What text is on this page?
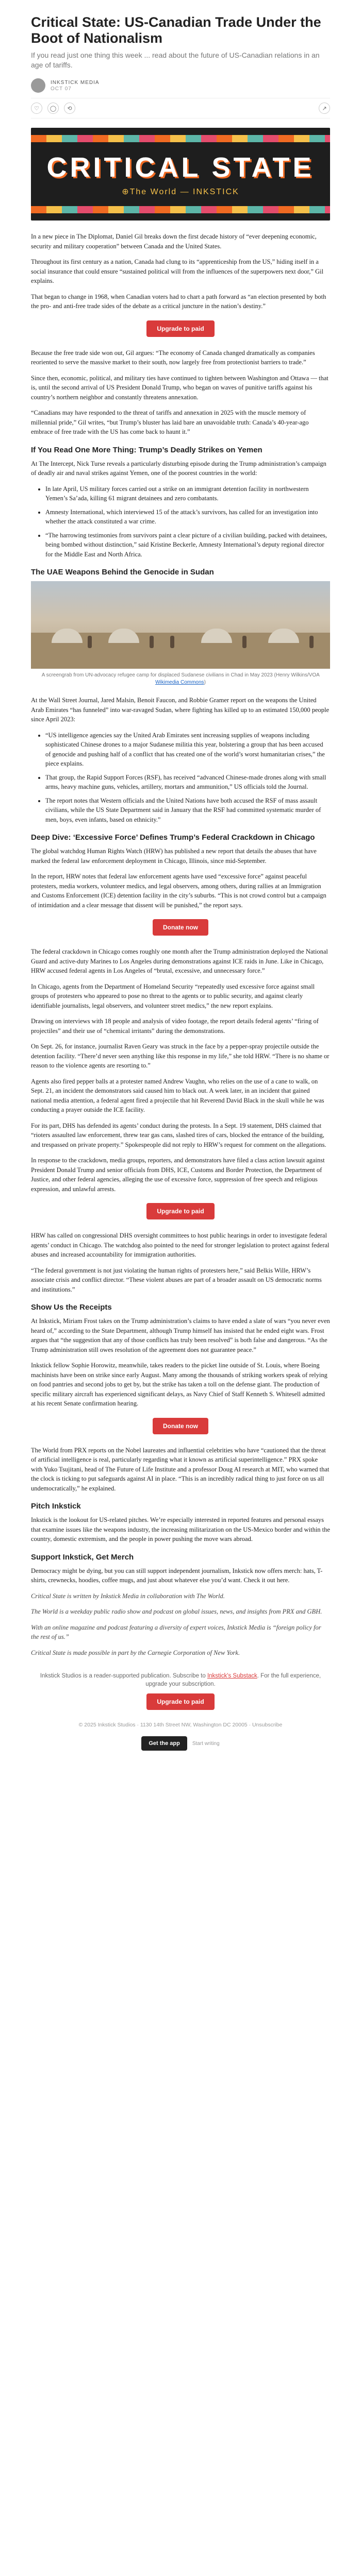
Critical State: US-Canadian Trade Under the Boot of Nationalism
If you read just one thing this week ... read about the future of US-Canadian relations in an age of tariffs.
INKSTICK MEDIA
OCT 07
♡	◯	⟲	↗
CRITICAL STATE
⊕The World — INKSTICK

In a new piece in The Diplomat, Daniel Gil breaks down the first decade history of “ever deepening economic, security and military cooperation” between Canada and the United States.

Throughout its first century as a nation, Canada had clung to its “apprenticeship from the US,” hiding itself in a social insurance that could ensure “sustained political will from the influences of the superpowers next door,” Gil explains.

That began to change in 1968, when Canadian voters had to chart a path forward as “an election presented by both the pro- and anti-free trade sides of the debate as a critical juncture in the nation’s destiny.”

Upgrade to paid

Because the free trade side won out, Gil argues: “The economy of Canada changed dramatically as companies reoriented to serve the massive market to their south, now largely free from protectionist barriers to trade.”

Since then, economic, political, and military ties have continued to tighten between Washington and Ottawa — that is, until the second arrival of US President Donald Trump, who began on waves of punitive tariffs against his country’s northern neighbor and constantly threatens annexation.

“Canadians may have responded to the threat of tariffs and annexation in 2025 with the muscle memory of millennial pride,” Gil writes, “but Trump’s bluster has laid bare an unavoidable truth: Canada’s 40-year-ago embrace of free trade with the US has come back to haunt it.”

If You Read One More Thing: Trump’s Deadly Strikes on Yemen

At The Intercept, Nick Turse reveals a particularly disturbing episode during the Trump administration’s campaign of deadly air and naval strikes against Yemen, one of the poorest countries in the world:

• In late April, US military forces carried out a strike on an immigrant detention facility in northwestern Yemen’s Sa’ada, killing 61 migrant detainees and zero combatants.
• Amnesty International, which interviewed 15 of the attack’s survivors, has called for an investigation into whether the attack constituted a war crime.
• “The harrowing testimonies from survivors paint a clear picture of a civilian building, packed with detainees, being bombed without distinction,” said Kristine Beckerle, Amnesty International’s deputy regional director for the Middle East and North Africa.
The UAE Weapons Behind the Genocide in Sudan
A screengrab from UN‑advocacy refugee camp for displaced Sudanese civilians in Chad in May 2023 (Henry Wilkins/VOA Wikimedia Commons)

At the Wall Street Journal, Jared Malsin, Benoit Faucon, and Robbie Gramer report on the weapons the United Arab Emirates “has funneled” into war-ravaged Sudan, where fighting has killed up to an estimated 150,000 people since April 2023:

• “US intelligence agencies say the United Arab Emirates sent increasing supplies of weapons including sophisticated Chinese drones to a major Sudanese militia this year, bolstering a group that has been accused of genocide and pushing half of a conflict that has created one of the world’s worst humanitarian crises,” the piece explains.
• That group, the Rapid Support Forces (RSF), has received “advanced Chinese-made drones along with small arms, heavy machine guns, vehicles, artillery, mortars and ammunition,” US officials told the Journal.
• The report notes that Western officials and the United Nations have both accused the RSF of mass assault civilians, while the US State Department said in January that the RSF had committed systematic murder of men, boys, even infants, based on ethnicity.”
Deep Dive: ‘Excessive Force’ Defines Trump’s Federal Crackdown in Chicago

The global watchdog Human Rights Watch (HRW) has published a new report that details the abuses that have marked the federal law enforcement deployment in Chicago, Illinois, since mid-September.

In the report, HRW notes that federal law enforcement agents have used “excessive force” against peaceful protesters, media workers, volunteer medics, and legal observers, among others, during rallies at an Immigration and Customs Enforcement (ICE) detention facility in the city’s suburbs. “This is not crowd control but a campaign of intimidation and a clear message that dissent will be punished,” the report says.

Donate now

The federal crackdown in Chicago comes roughly one month after the Trump administration deployed the National Guard and active-duty Marines to Los Angeles during demonstrations against ICE raids in June. Like in Chicago, HRW accused federal agents in Los Angeles of “brutal, excessive, and unnecessary force.”

In Chicago, agents from the Department of Homeland Security “repeatedly used excessive force against small groups of protesters who appeared to pose no threat to the agents or to public security, and against clearly identifiable journalists, legal observers, and volunteer street medics,” the new report explains.

Drawing on interviews with 18 people and analysis of video footage, the report details federal agents’ “firing of projectiles” and their use of “chemical irritants” during the demonstrations.

On Sept. 26, for instance, journalist Raven Geary was struck in the face by a pepper-spray projectile outside the detention facility. “There’d never seen anything like this response in my life,” she told HRW. “There is no shame or reason to the violence agents are resorting to.”

Agents also fired pepper balls at a protester named Andrew Vaughn, who relies on the use of a cane to walk, on Sept. 21, an incident the demonstrators said caused him to black out. A week later, in an incident that gained national media attention, a federal agent fired a projectile that hit Reverend David Black in the skull while he was conducting a prayer outside the ICE facility.

For its part, DHS has defended its agents’ conduct during the protests. In a Sept. 19 statement, DHS claimed that “rioters assaulted law enforcement, threw tear gas cans, slashed tires of cars, blocked the entrance of the building, and trespassed on private property.” Spokespeople did not reply to HRW’s request for comment on the allegations.

In response to the crackdown, media groups, reporters, and demonstrators have filed a class action lawsuit against President Donald Trump and senior officials from DHS, ICE, Customs and Border Protection, the Department of Justice, and other federal agencies, alleging the use of excessive force, suppression of free speech and religious expression, and unlawful arrests.

Upgrade to paid

HRW has called on congressional DHS oversight committees to host public hearings in order to investigate federal agents’ conduct in Chicago. The watchdog also pointed to the need for stronger legislation to protect against federal abuses and increased accountability for immigration authorities.

“The federal government is not just violating the human rights of protesters here,” said Belkis Wille, HRW’s associate crisis and conflict director. “These violent abuses are part of a broader assault on US democratic norms and institutions.”

Show Us the Receipts

At Inkstick, Miriam Frost takes on the Trump administration’s claims to have ended a slate of wars “you never even heard of,” according to the State Department, although Trump himself has insisted that he ended eight wars. Frost argues that “the suggestion that any of those conflicts has truly been resolved” is both false and dangerous. “As the Trump administration still owes resolution of the agreement does not guarantee peace.”

Inkstick fellow Sophie Horowitz, meanwhile, takes readers to the picket line outside of St. Louis, where Boeing machinists have been on strike since early August. Many among the thousands of striking workers speak of relying on food pantries and second jobs to get by, but the strike has taken a toll on the defense giant. The production of specific military aircraft has experienced significant delays, as Navy Chief of Staff Kenneth S. Whitesell admitted at his recent Senate confirmation hearing.

Donate now

The World from PRX reports on the Nobel laureates and influential celebrities who have “cautioned that the threat of artificial intelligence is real, particularly regarding what it known as artificial superintelligence.” PRX spoke with Yuko Tsujitani, head of The Future of Life Institute and a professor Doug AI research at MIT, who warned that the clock is ticking to put safeguards against AI in place. “This is an incredibly radical thing to just force on us all undemocratically,” he explained.

Pitch Inkstick

Inkstick is the lookout for US-related pitches. We’re especially interested in reported features and personal essays that examine issues like the weapons industry, the increasing militarization on the US-Mexico border and within the country, domestic extremism, and the people in power pushing the move wars abroad.

Support Inkstick, Get Merch

Democracy might be dying, but you can still support independent journalism, Inkstick now offers merch: hats, T-shirts, crewnecks, hoodies, coffee mugs, and just about whatever else you’d want. Check it out here.

Critical State is written by Inkstick Media in collaboration with The World.

The World is a weekday public radio show and podcast on global issues, news, and insights from PRX and GBH.

With an online magazine and podcast featuring a diversity of expert voices, Inkstick Media is “foreign policy for the rest of us.”

Critical State is made possible in part by the Carnegie Corporation of New York.

Inkstick Studios is a reader-supported publication. Subscribe to Inkstick's Substack. For the full experience, upgrade your subscription.
Upgrade to paid
© 2025 Inkstick Studios · 1130 14th Street NW, Washington DC 20005 · Unsubscribe
Get the app	Start writing
